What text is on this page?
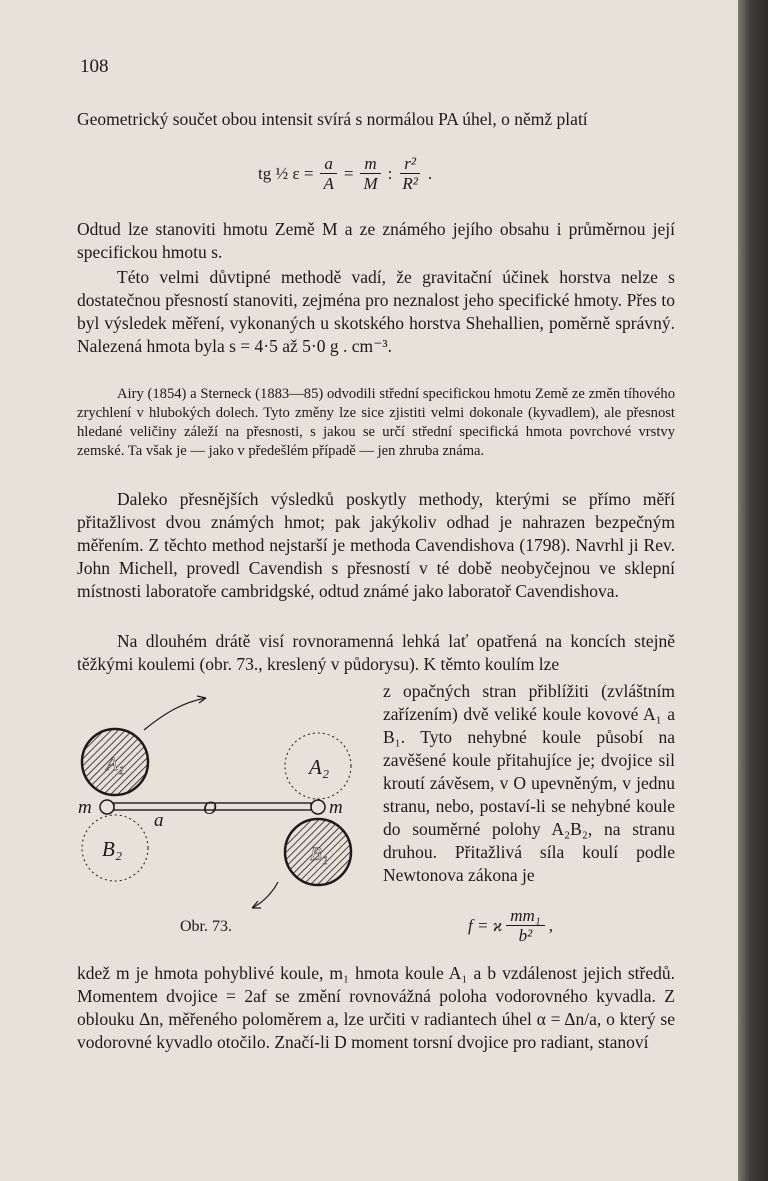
108
Geometrický součet obou intensit svírá s normálou PA úhel, o němž platí
tg ½ $\varepsilon = \frac{a}{A} = \frac{m}{M}$ : $\frac{\text{r²}}{\text{R²}}$ .
Odtud lze stanoviti hmotu Země M a ze známého jejího obsahu i průměrnou její specifickou hmotu s.
Této velmi důvtipné methodě vadí, že gravitační účinek horstva nelze s dostatečnou přesností stanoviti, zejména pro neznalost jeho specifické hmoty. Přes to byl výsledek měření, vykonaných u skotského horstva Shehallien, poměrně správný. Nalezená hmota byla s = 4·5 až 5·0 g . cm⁻³.
Airy (1854) a Sterneck (1883—85) odvodili střední specifickou hmotu Země ze změn tíhového zrychlení v hlubokých dolech. Tyto změny lze sice zjistiti velmi dokonale (kyvadlem), ale přesnost hledané veličiny záleží na přesnosti, s jakou se určí střední specifická hmota povrchové vrstvy zemské. Ta však je — jako v předešlém případě — jen zhruba známa.
Daleko přesnějších výsledků poskytly methody, kterými se přímo měří přitažlivost dvou známých hmot; pak jakýkoliv odhad je nahrazen bezpečným měřením. Z těchto method nejstarší je methoda Cavendishova (1798). Navrhl ji Rev. John Michell, provedl Cavendish s přesností v té době neobyčejnou ve sklepní místnosti laboratoře cambridgské, odtud známé jako laboratoř Cavendishova.
Na dlouhém drátě visí rovnoramenná lehká lať opatřená na koncích stejně těžkými koulemi (obr. 73., kreslený v půdorysu). K těmto koulím lze
A₁	A₂
B₁
B₂
m	m
a
O
Obr. 73.
z opačných stran přiblížiti (zvláštním zařízením) dvě veliké koule kovové A₁ a B₁. Tyto nehybné koule působí na zavěšené koule přitahujíce je; dvojice sil kroutí závěsem, v O upevněným, v jednu stranu, nebo, postaví-li se nehybné koule do souměrné polohy A₂B₂, na stranu druhou. Přitažlivá síla koulí podle Newtonova zákona je
f = ϰ $\frac{\text{mm₁}}{\text{b²}}$ ,
kdež m je hmota pohyblivé koule, m₁ hmota koule A₁ a b vzdálenost jejich středů. Momentem dvojice = 2af se změní rovnovážná poloha vodorovného kyvadla. Z oblouku Δn, měřeného poloměrem a, lze určiti v radiantech úhel α = Δn/a, o který se vodorovné kyvadlo otočilo. Značí-li D moment torsní dvojice pro radiant, stanoví
